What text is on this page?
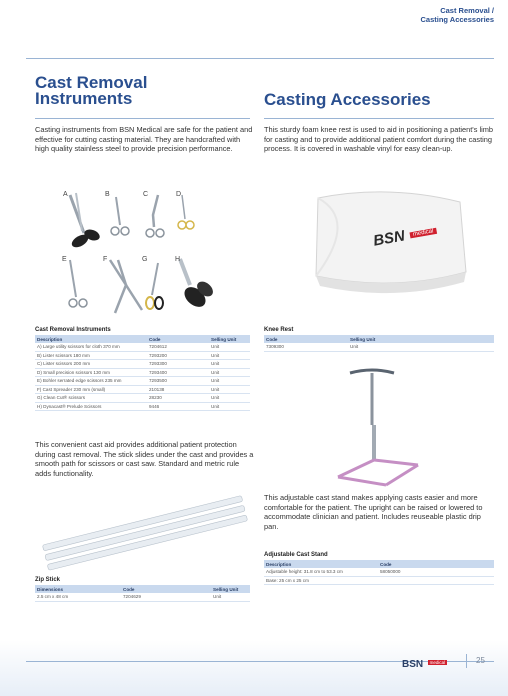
Cast Removal /
Casting Accessories
Cast Removal
Instruments
Casting instruments from BSN Medical are safe for the patient and effective for cutting casting material. They are handcrafted with high quality stainless steel to provide precision performance.
A	B	C	D
E	F	G	H
Cast Removal Instruments
Description	Code	Selling Unit
A) Large utility scissors for cloth 370 mm	7204612	Unit
B) Lister scissors 180 mm	7293200	Unit
C) Lister scissors 200 mm	7293300	Unit
D) Small precision scissors 130 mm	7293400	Unit
E) Bohler serrated edge scissors 235 mm	7293500	Unit
F) Cast Spreader 230 mm (small)	210138	Unit
G) Clean Cut® scissors	28230	Unit
H) Dynacast® Prelude Scissors	9446	Unit
This convenient cast aid provides additional patient protection during cast removal. The stick slides under the cast and provides a smooth path for scissors or cast saw. Standard and metric rule adds functionality.
Zip Stick
Dimensions	Code	Selling Unit
2.5 cm x 48 cm	7204629	Unit
Casting Accessories
This sturdy foam knee rest is used to aid in positioning a patient's limb for casting and to provide additional patient comfort during the casting process. It is covered in washable vinyl for easy clean-up.
BSN medical
Knee Rest
Code	Selling Unit
7309300	Unit
This adjustable cast stand makes applying casts easier and more comfortable for the patient. The upright can be raised or lowered to accommodate clinician and patient. Includes reuseable plastic drip pan.
Adjustable Cast Stand
Description	Code
Adjustable height: 31.8 cm to 53.3 cm	58050000
Base: 25 cm x 25 cm	
BSN medical	25
